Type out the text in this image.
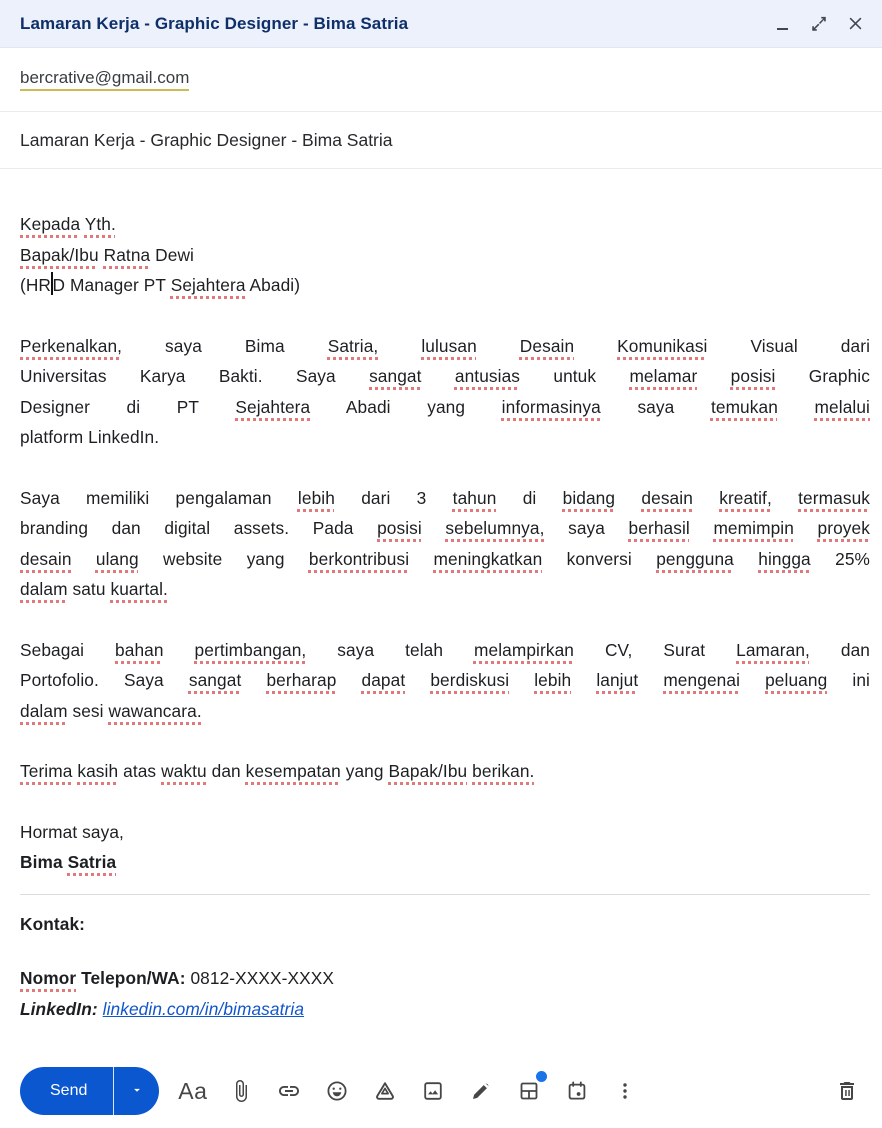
Lamaran Kerja - Graphic Designer - Bima Satria
bercrative@gmail.com
Lamaran Kerja - Graphic Designer - Bima Satria
Kepada Yth.
Bapak/Ibu Ratna Dewi
(HRD Manager PT Sejahtera Abadi)
Perkenalkan, saya Bima Satria, lulusan Desain Komunikasi Visual dari
Universitas Karya Bakti. Saya sangat antusias untuk melamar posisi Graphic
Designer di PT Sejahtera Abadi yang informasinya saya temukan melalui
platform LinkedIn.
Saya memiliki pengalaman lebih dari 3 tahun di bidang desain kreatif, termasuk
branding dan digital assets. Pada posisi sebelumnya, saya berhasil memimpin proyek
desain ulang website yang berkontribusi meningkatkan konversi pengguna hingga 25%
dalam satu kuartal.
Sebagai bahan pertimbangan, saya telah melampirkan CV, Surat Lamaran, dan
Portofolio. Saya sangat berharap dapat berdiskusi lebih lanjut mengenai peluang ini
dalam sesi wawancara.
Terima kasih atas waktu dan kesempatan yang Bapak/Ibu berikan.
Hormat saya,
Bima Satria
Kontak:
Nomor Telepon/WA: 0812-XXXX-XXXX
LinkedIn: linkedin.com/in/bimasatria
Send	Aa
